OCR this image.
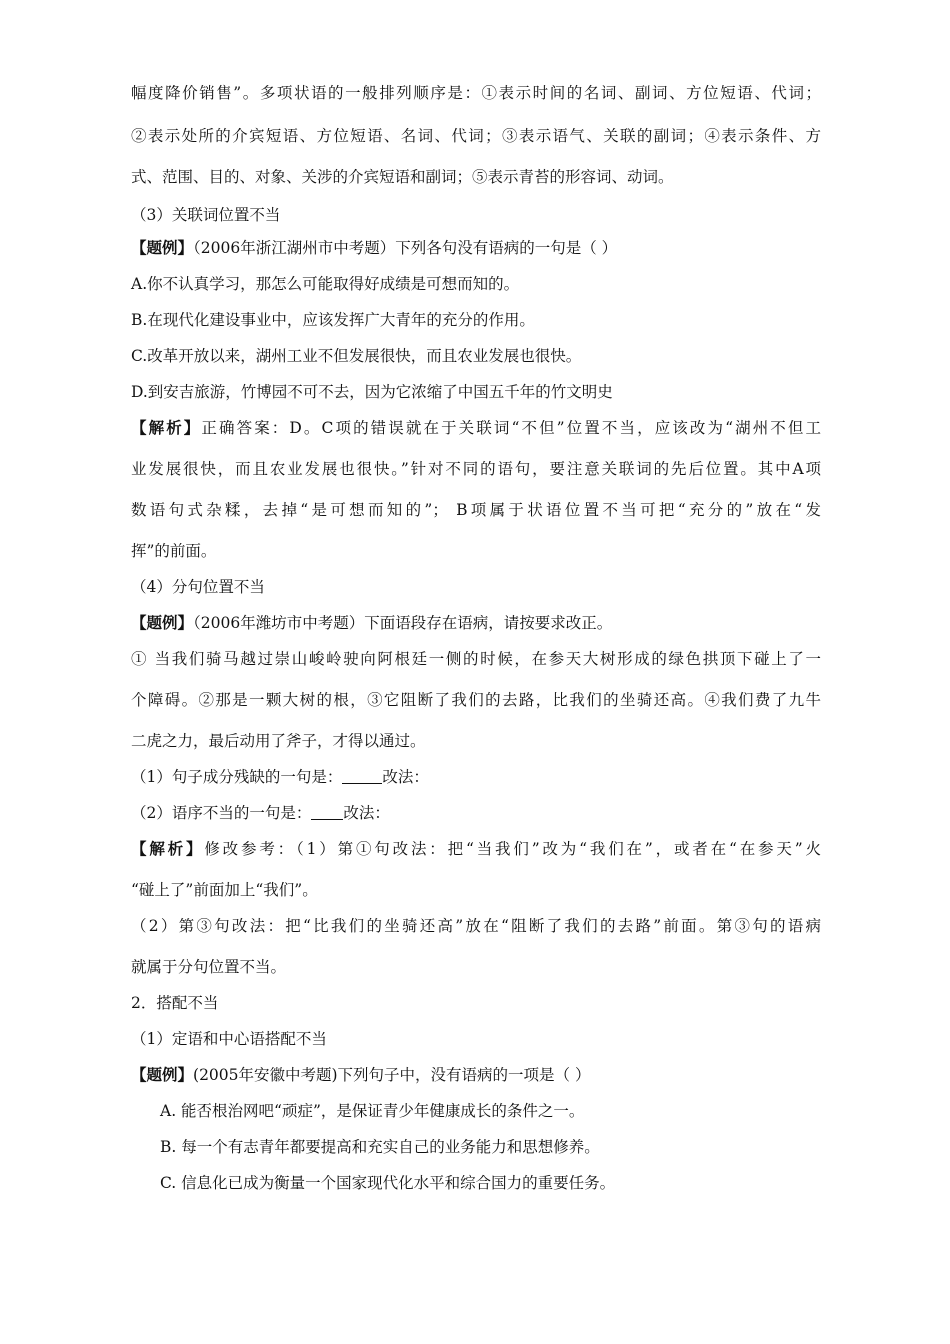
幅度降价销售”。多项状语的一般排列顺序是：①表示时间的名词、副词、方位短语、代词；
②表示处所的介宾短语、方位短语、名词、代词；③表示语气、关联的副词；④表示条件、方
式、范围、目的、对象、关涉的介宾短语和副词；⑤表示青苔的形容词、动词。
（3）关联词位置不当
【题例】（2006年浙江湖州市中考题）下列各句没有语病的一句是（ ）
A.你不认真学习，那怎么可能取得好成绩是可想而知的。
B.在现代化建设事业中，应该发挥广大青年的充分的作用。
C.改革开放以来，湖州工业不但发展很快，而且农业发展也很快。
D.到安吉旅游，竹博园不可不去，因为它浓缩了中国五千年的竹文明史
【解析】正确答案：D。C项的错误就在于关联词“不但”位置不当，应该改为“湖州不但工
业发展很快，而且农业发展也很快。”针对不同的语句，要注意关联词的先后位置。其中A项
数语句式杂糅，去掉“是可想而知的”； B项属于状语位置不当可把“充分的”放在“发
挥”的前面。
（4）分句位置不当
【题例】（2006年潍坊市中考题）下面语段存在语病，请按要求改正。
① 当我们骑马越过崇山峻岭驶向阿根廷一侧的时候，在参天大树形成的绿色拱顶下碰上了一
个障碍。②那是一颗大树的根，③它阻断了我们的去路，比我们的坐骑还高。④我们费了九牛
二虎之力，最后动用了斧子，才得以通过。
（1）句子成分残缺的一句是：	改法：
（2）语序不当的一句是： 改法：
【解析】修改参考：（1）第①句改法：把“当我们”改为“我们在”，或者在“在参天”火
“碰上了”前面加上“我们”。
（2）第③句改法：把“比我们的坐骑还高”放在“阻断了我们的去路”前面。第③句的语病
就属于分句位置不当。
2．搭配不当
（1）定语和中心语搭配不当
【题例】(2005年安徽中考题)下列句子中，没有语病的一项是（ ）
A. 能否根治网吧“顽症”，是保证青少年健康成长的条件之一。
B. 每一个有志青年都要提高和充实自己的业务能力和思想修养。
C. 信息化已成为衡量一个国家现代化水平和综合国力的重要任务。
